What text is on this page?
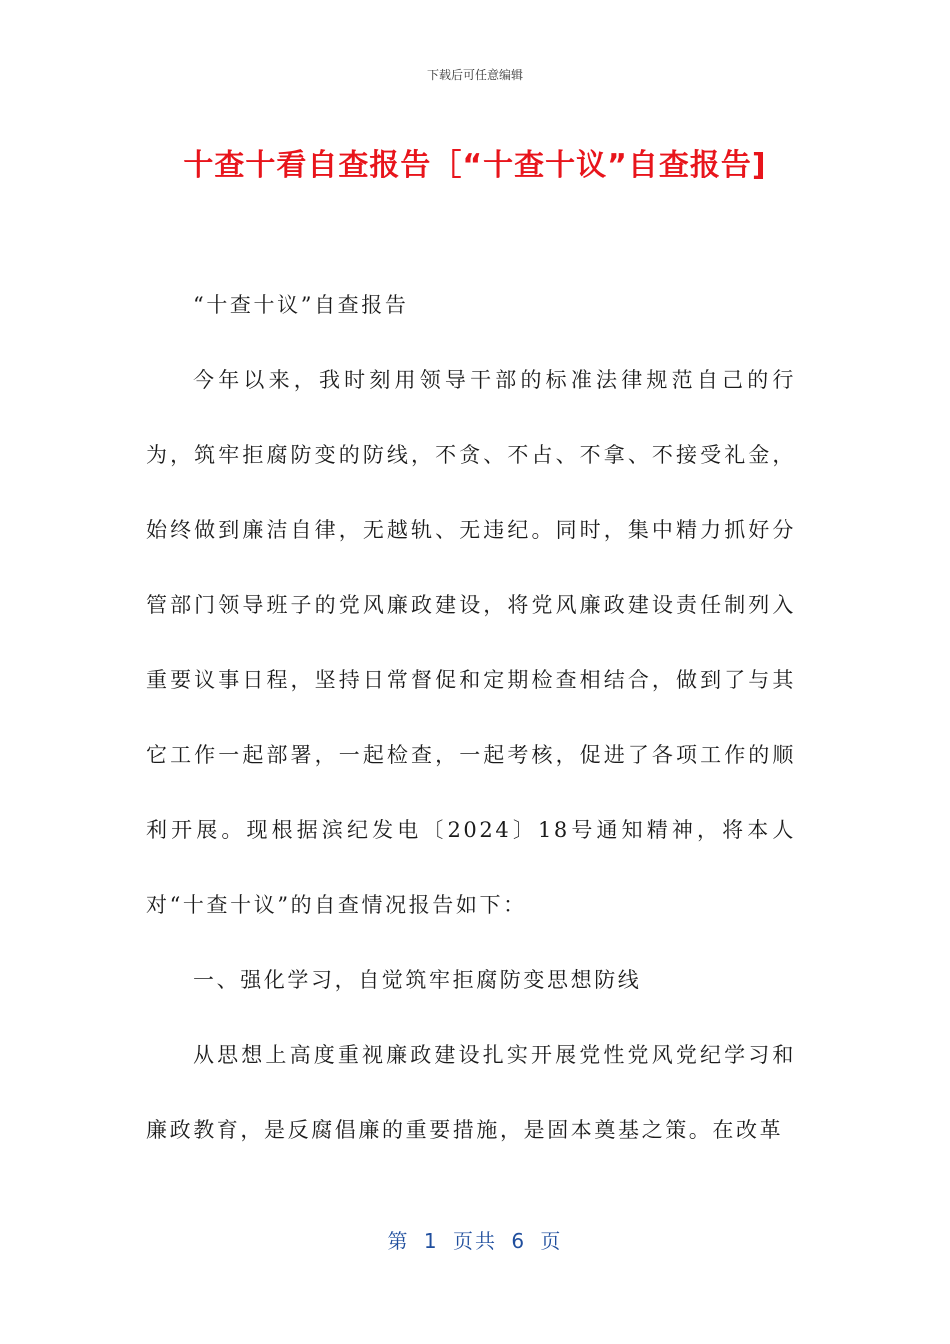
下载后可任意编辑
十查十看自查报告［“十查十议”自查报告]

“十查十议”自查报告

今年以来，我时刻用领导干部的标准法律规范自己的行为，筑牢拒腐防变的防线，不贪、不占、不拿、不接受礼金，始终做到廉洁自律，无越轨、无违纪。同时，集中精力抓好分管部门领导班子的党风廉政建设，将党风廉政建设责任制列入重要议事日程，坚持日常督促和定期检查相结合，做到了与其它工作一起部署，一起检查，一起考核，促进了各项工作的顺利开展。现根据滨纪发电〔2024〕18号通知精神，将本人对“十查十议”的自查情况报告如下：

一、强化学习，自觉筑牢拒腐防变思想防线

从思想上高度重视廉政建设扎实开展党性党风党纪学习和廉政教育，是反腐倡廉的重要措施，是固本奠基之策。在改革

第 1 页共 6 页
